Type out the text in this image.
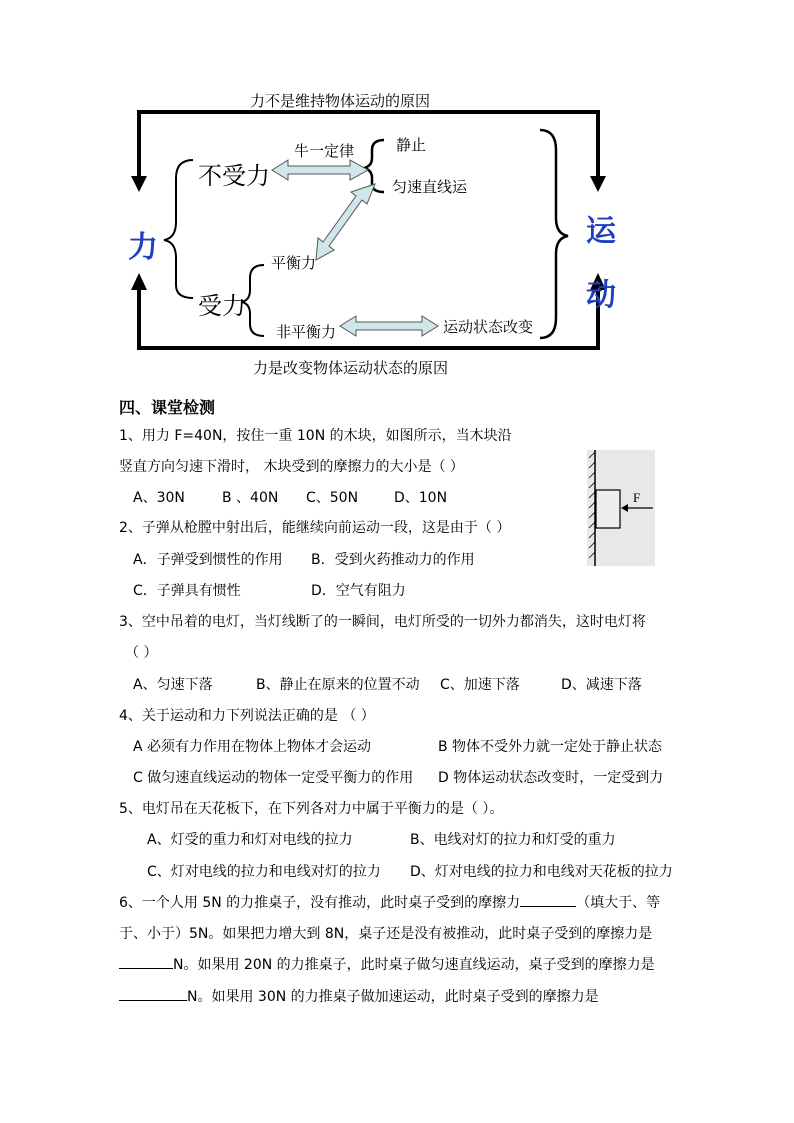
力不是维持物体运动的原因
力是改变物体运动状态的原因
力	运
动
不受力
受力
牛一定律	静止
匀速直线运
平衡力
非平衡力	运动状态改变
四、课堂检测
1、用力 F=40N，按住一重 10N 的木块，如图所示，当木块沿
竖直方向匀速下滑时， 木块受到的摩擦力的大小是（ ）
A、30N	B 、40N C、50N	D、10N	F
2、子弹从枪膛中射出后，能继续向前运动一段，这是由于（ ）
A．子弹受到惯性的作用 B．受到火药推动力的作用
C．子弹具有惯性	D．空气有阻力
3、空中吊着的电灯，当灯线断了的一瞬间，电灯所受的一切外力都消失，这时电灯将
（ ）
A、匀速下落	B、静止在原来的位置不动 C、加速下落	D、减速下落
4、关于运动和力下列说法正确的是 （ ）
A 必须有力作用在物体上物体才会运动	B 物体不受外力就一定处于静止状态
C 做匀速直线运动的物体一定受平衡力的作用 D 物体运动状态改变时，一定受到力
5、电灯吊在天花板下，在下列各对力中属于平衡力的是（ ）。
A、灯受的重力和灯对电线的拉力	B、电线对灯的拉力和灯受的重力
C、灯对电线的拉力和电线对灯的拉力 D、灯对电线的拉力和电线对天花板的拉力
6、一个人用 5N 的力推桌子，没有推动，此时桌子受到的摩擦力	（填大于、等
于、小于）5N。如果把力增大到 8N，桌子还是没有被推动，此时桌子受到的摩擦力是
N。如果用 20N 的力推桌子，此时桌子做匀速直线运动，桌子受到的摩擦力是
N。如果用 30N 的力推桌子做加速运动，此时桌子受到的摩擦力是
